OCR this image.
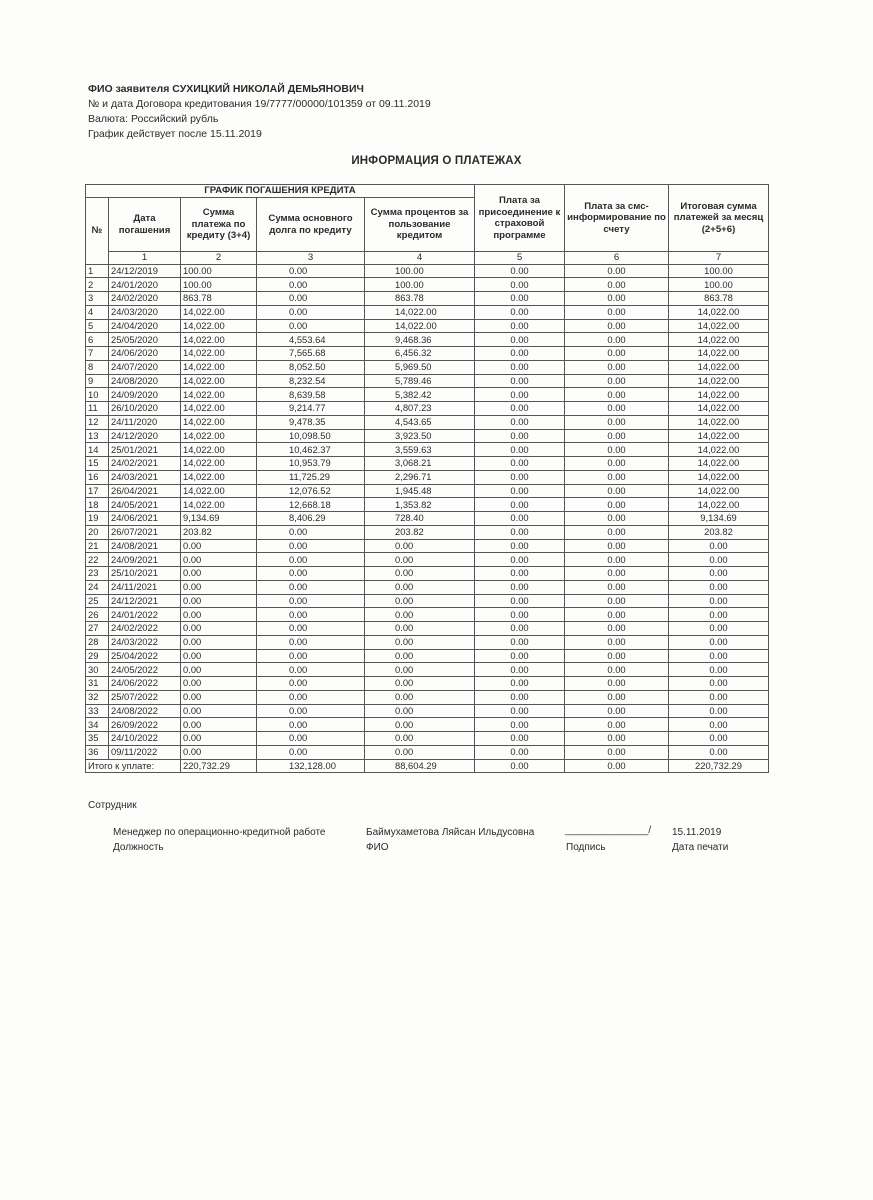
ФИО заявителя СУХИЦКИЙ НИКОЛАЙ ДЕМЬЯНОВИЧ
№ и дата Договора кредитования 19/7777/00000/101359 от 09.11.2019
Валюта: Российский рубль
График действует после 15.11.2019
ИНФОРМАЦИЯ О ПЛАТЕЖАХ
ГРАФИК ПОГАШЕНИЯ КРЕДИТА					Плата за присоединение к страховой программе	Плата за смс-информирование по счету	Итоговая сумма платежей за месяц (2+5+6)
№	Дата погашения	Сумма платежа по кредиту (3+4)	Сумма основного долга по кредиту	Сумма процентов за пользование кредитом			
	1	2	3	4	5	6	7
1	24/12/2019	100.00	0.00	100.00	0.00	0.00	100.00
2	24/01/2020	100.00	0.00	100.00	0.00	0.00	100.00
3	24/02/2020	863.78	0.00	863.78	0.00	0.00	863.78
4	24/03/2020	14,022.00	0.00	14,022.00	0.00	0.00	14,022.00
5	24/04/2020	14,022.00	0.00	14,022.00	0.00	0.00	14,022.00
6	25/05/2020	14,022.00	4,553.64	9,468.36	0.00	0.00	14,022.00
7	24/06/2020	14,022.00	7,565.68	6,456.32	0.00	0.00	14,022.00
8	24/07/2020	14,022.00	8,052.50	5,969.50	0.00	0.00	14,022.00
9	24/08/2020	14,022.00	8,232.54	5,789.46	0.00	0.00	14,022.00
10	24/09/2020	14,022.00	8,639.58	5,382.42	0.00	0.00	14,022.00
11	26/10/2020	14,022.00	9,214.77	4,807.23	0.00	0.00	14,022.00
12	24/11/2020	14,022.00	9,478.35	4,543.65	0.00	0.00	14,022.00
13	24/12/2020	14,022.00	10,098.50	3,923.50	0.00	0.00	14,022.00
14	25/01/2021	14,022.00	10,462.37	3,559.63	0.00	0.00	14,022.00
15	24/02/2021	14,022.00	10,953.79	3,068.21	0.00	0.00	14,022.00
16	24/03/2021	14,022.00	11,725.29	2,296.71	0.00	0.00	14,022.00
17	26/04/2021	14,022.00	12,076.52	1,945.48	0.00	0.00	14,022.00
18	24/05/2021	14,022.00	12,668.18	1,353.82	0.00	0.00	14,022.00
19	24/06/2021	9,134.69	8,406.29	728.40	0.00	0.00	9,134.69
20	26/07/2021	203.82	0.00	203.82	0.00	0.00	203.82
21	24/08/2021	0.00	0.00	0.00	0.00	0.00	0.00
22	24/09/2021	0.00	0.00	0.00	0.00	0.00	0.00
23	25/10/2021	0.00	0.00	0.00	0.00	0.00	0.00
24	24/11/2021	0.00	0.00	0.00	0.00	0.00	0.00
25	24/12/2021	0.00	0.00	0.00	0.00	0.00	0.00
26	24/01/2022	0.00	0.00	0.00	0.00	0.00	0.00
27	24/02/2022	0.00	0.00	0.00	0.00	0.00	0.00
28	24/03/2022	0.00	0.00	0.00	0.00	0.00	0.00
29	25/04/2022	0.00	0.00	0.00	0.00	0.00	0.00
30	24/05/2022	0.00	0.00	0.00	0.00	0.00	0.00
31	24/06/2022	0.00	0.00	0.00	0.00	0.00	0.00
32	25/07/2022	0.00	0.00	0.00	0.00	0.00	0.00
33	24/08/2022	0.00	0.00	0.00	0.00	0.00	0.00
34	26/09/2022	0.00	0.00	0.00	0.00	0.00	0.00
35	24/10/2022	0.00	0.00	0.00	0.00	0.00	0.00
36	09/11/2022	0.00	0.00	0.00	0.00	0.00	0.00
Итого к уплате:		220,732.29	132,128.00	88,604.29	0.00	0.00	220,732.29
Сотрудник
Менеджер по операционно-кредитной работе
Должность
Баймухаметова Ляйсан Ильдусовна
ФИО
_______________/
Подпись
15.11.2019
Дата печати
